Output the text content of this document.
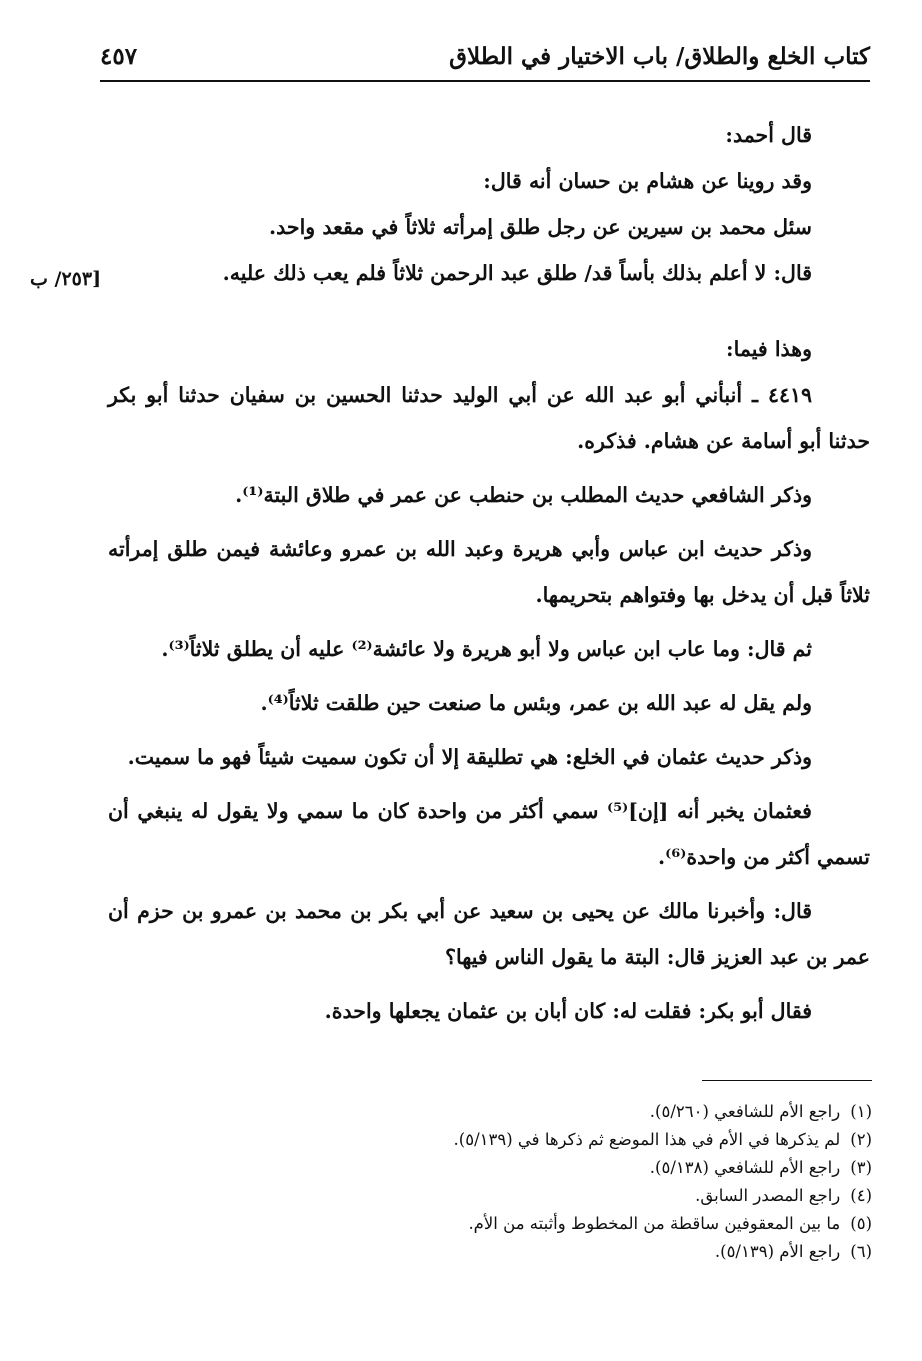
كتاب الخلع والطلاق/ باب الاختيار في الطلاق
٤٥٧
[٢٥٣/ ب

قال أحمد:

وقد روينا عن هشام بن حسان أنه قال:

سئل محمد بن سيرين عن رجل طلق إمرأته ثلاثاً في مقعد واحد.

قال: لا أعلم بذلك بأساً قد/ طلق عبد الرحمن ثلاثاً فلم يعب ذلك عليه.

وهذا فيما:

٤٤١٩ ـ أنبأني أبو عبد الله عن أبي الوليد حدثنا الحسين بن سفيان حدثنا أبو بكر حدثنا أبو أسامة عن هشام. فذكره.

وذكر الشافعي حديث المطلب بن حنطب عن عمر في طلاق البتة⁽¹⁾.

وذكر حديث ابن عباس وأبي هريرة وعبد الله بن عمرو وعائشة فيمن طلق إمرأته ثلاثاً قبل أن يدخل بها وفتواهم بتحريمها.

ثم قال: وما عاب ابن عباس ولا أبو هريرة ولا عائشة⁽²⁾ عليه أن يطلق ثلاثاً⁽³⁾.

ولم يقل له عبد الله بن عمر، وبئس ما صنعت حين طلقت ثلاثاً⁽⁴⁾.

وذكر حديث عثمان في الخلع: هي تطليقة إلا أن تكون سميت شيئاً فهو ما سميت.

فعثمان يخبر أنه [إن]⁽⁵⁾ سمي أكثر من واحدة كان ما سمي ولا يقول له ينبغي أن تسمي أكثر من واحدة⁽⁶⁾.

قال: وأخبرنا مالك عن يحيى بن سعيد عن أبي بكر بن محمد بن عمرو بن حزم أن عمر بن عبد العزيز قال: البتة ما يقول الناس فيها؟

فقال أبو بكر: فقلت له: كان أبان بن عثمان يجعلها واحدة.

(١)راجع الأم للشافعي (٥/٢٦٠).
(٢)لم يذكرها في الأم في هذا الموضع ثم ذكرها في (٥/١٣٩).
(٣)راجع الأم للشافعي (٥/١٣٨).
(٤)راجع المصدر السابق.
(٥)ما بين المعقوفين ساقطة من المخطوط وأثبته من الأم.
(٦)راجع الأم (٥/١٣٩).
